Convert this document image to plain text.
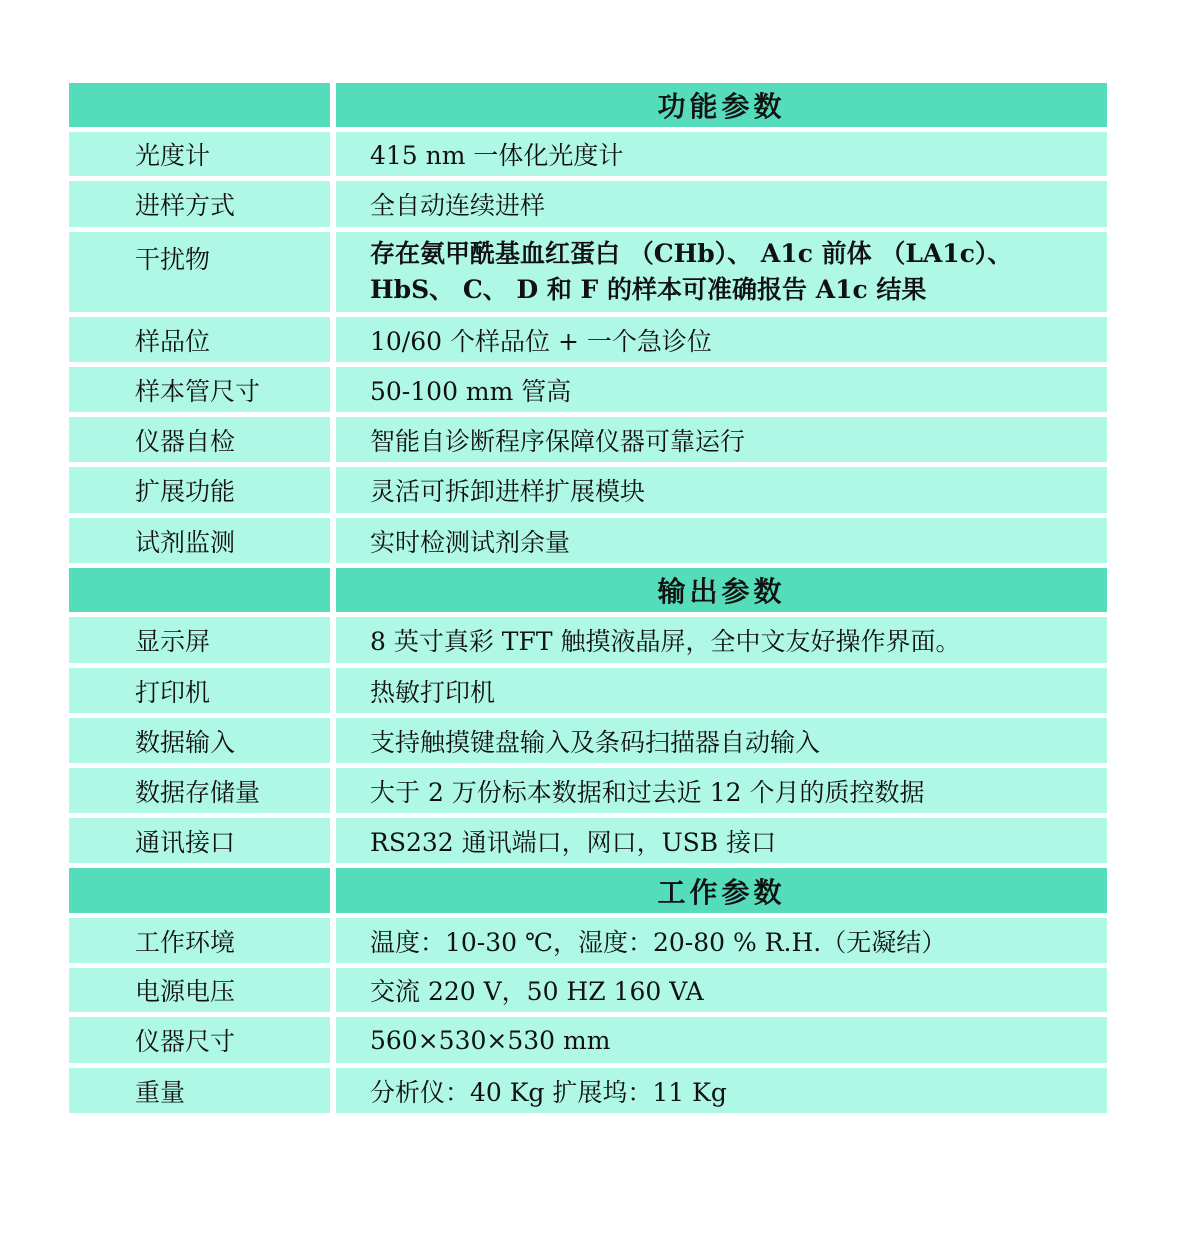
功能参数
光度计	415 nm 一体化光度计
进样方式	全自动连续进样
干扰物	存在氨甲酰基血红蛋白 （CHb）、 A1c 前体 （LA1c）、
HbS、 C、 D 和 F 的样本可准确报告 A1c 结果
样品位	10/60 个样品位 + 一个急诊位
样本管尺寸	50-100 mm 管高
仪器自检	智能自诊断程序保障仪器可靠运行
扩展功能	灵活可拆卸进样扩展模块
试剂监测	实时检测试剂余量
输出参数
显示屏	8 英寸真彩 TFT 触摸液晶屏，全中文友好操作界面。
打印机	热敏打印机
数据输入	支持触摸键盘输入及条码扫描器自动输入
数据存储量	大于 2 万份标本数据和过去近 12 个月的质控数据
通讯接口	RS232 通讯端口，网口，USB 接口
工作参数
工作环境	温度：10-30 ℃，湿度：20-80 % R.H.（无凝结）
电源电压	交流 220 V，50 HZ 160 VA
仪器尺寸	560×530×530 mm
重量	分析仪：40 Kg 扩展坞：11 Kg
